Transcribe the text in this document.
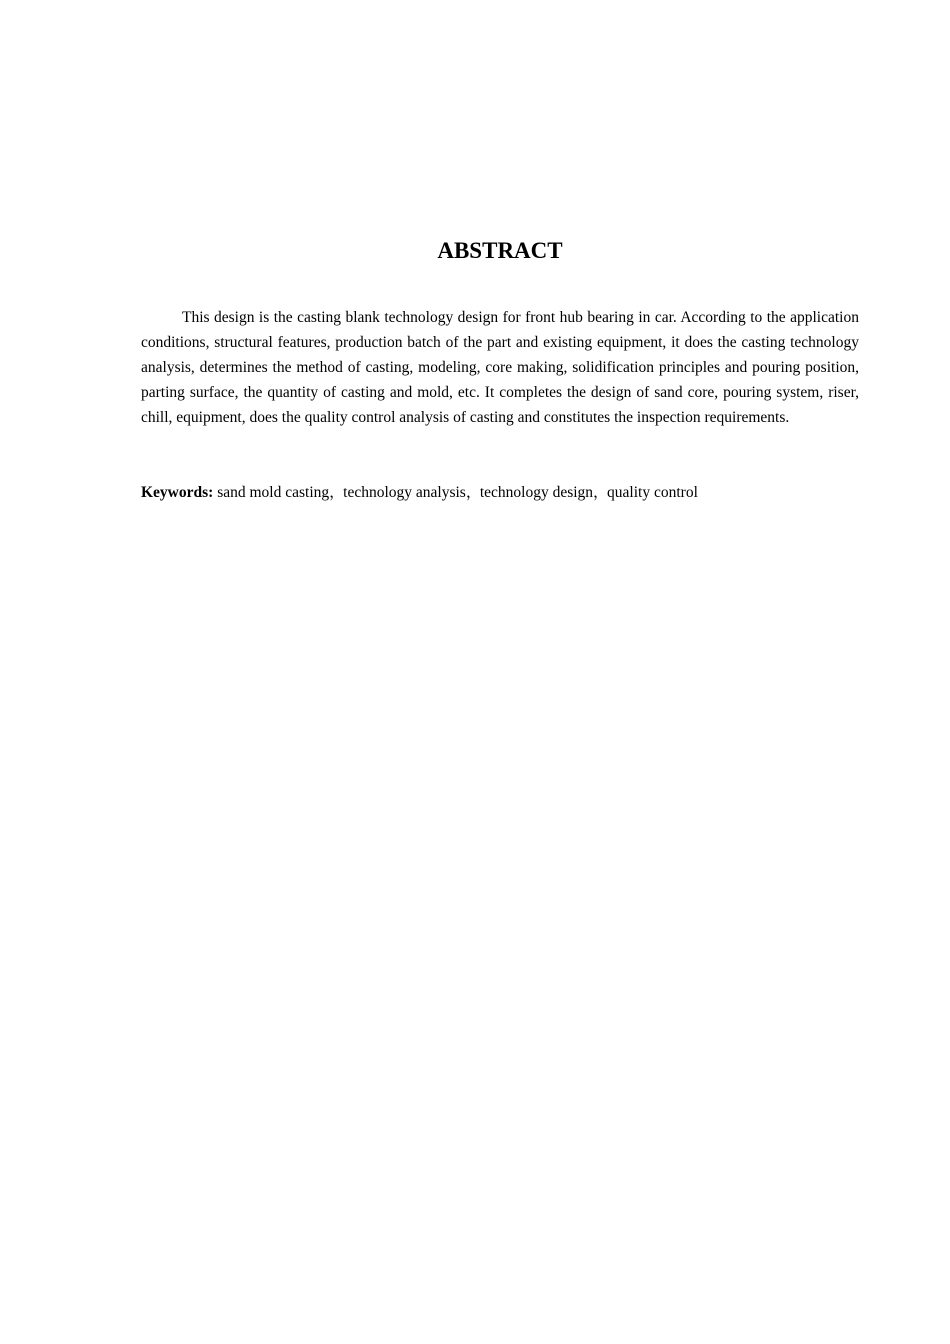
ABSTRACT

This design is the casting blank technology design for front hub bearing in car. According to the application conditions, structural features, production batch of the part and existing equipment, it does the casting technology analysis, determines the method of casting, modeling, core making, solidification principles and pouring position, parting surface, the quantity of casting and mold, etc. It completes the design of sand core, pouring system, riser, chill, equipment, does the quality control analysis of casting and constitutes the inspection requirements.

Keywords: sand mold casting，technology analysis，technology design，quality control
